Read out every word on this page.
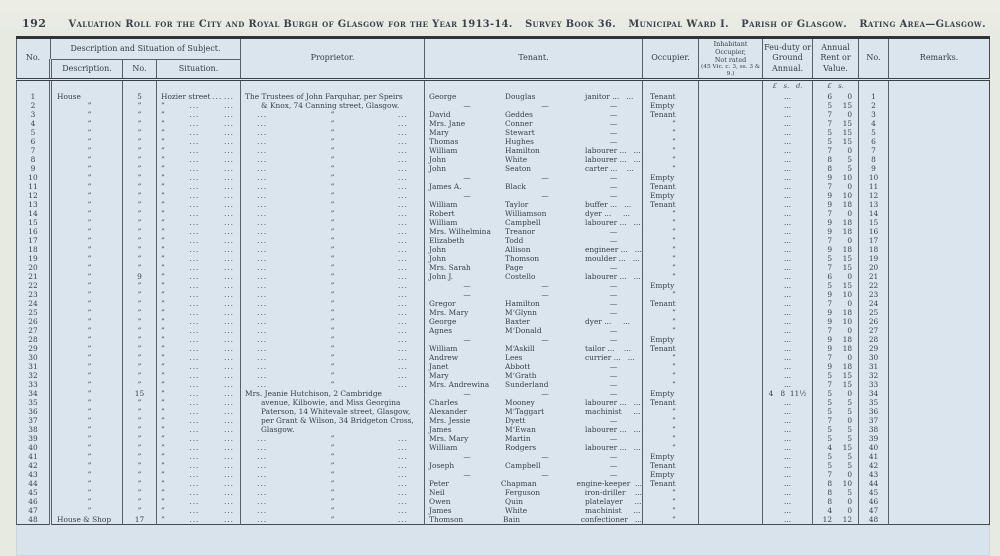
192 Valuation Roll for the City and Royal Burgh of Glasgow for the Year 1913-14. Survey Book 36. Municipal Ward I. Parish of Glasgow. Rating Area—Glasgow.
No.	Description and Situation of Subject.			Proprietor.	Tenant.	Occupier.	Inhabitant Occupier,
Not rated
(45 Vic. c. 3, ss. 3 & 9.)	Feu-duty or Ground Annual.	Annual Rent or Value.	No.	Remarks.
	Description.	No.	Situation.								
								£   s.   d.	£   s.		
1	House	5	Hozier street ... ...	The Trustees of John Farquhar, per Speirs	George Douglas janitor ...   ...	Tenant		...	6 0	1	
2	”	”	” ... ...	& Knox, 74 Canning street, Glasgow.	— — —	Empty		...	5 15	2	
3	”	”	” ... ...	... ” ...	David Geddes —	Tenant		...	7 0	3	
4	”	”	” ... ...	... ” ...	Mrs. Jane Conner —	”		...	7 15	4	
5	”	”	” ... ...	... ” ...	Mary Stewart —	”		...	5 15	5	
6	”	”	” ... ...	... ” ...	Thomas Hughes —	”		...	5 15	6	
7	”	”	” ... ...	... ” ...	William Hamilton labourer ...   ...	”		...	7 0	7	
8	”	”	” ... ...	... ” ...	John White labourer ...   ...	”		...	8 5	8	
9	”	”	” ... ...	... ” ...	John Seaton carter ...    ...	”		...	8 5	9	
10	”	”	” ... ...	... ” ...	— — —	Empty		...	9 10	10	
11	”	”	” ... ...	... ” ...	James A. Black —	Tenant		...	7 0	11	
12	”	”	” ... ...	... ” ...	— — —	Empty		...	9 10	12	
13	”	”	” ... ...	... ” ...	William Taylor buffer ...   ...	Tenant		...	9 18	13	
14	”	”	” ... ...	... ” ...	Robert Williamson dyer ...     ...	”		...	7 0	14	
15	”	”	” ... ...	... ” ...	William Campbell labourer ...   ...	”		...	9 18	15	
16	”	”	” ... ...	... ” ...	Mrs. Wilhelmina Treanor —	”		...	9 18	16	
17	”	”	” ... ...	... ” ...	Elizabeth Todd —	”		...	7 0	17	
18	”	”	” ... ...	... ” ...	John Allison engineer ...   ...	”		...	9 18	18	
19	”	”	” ... ...	... ” ...	John Thomson moulder ...   ...	”		...	5 15	19	
20	”	”	” ... ...	... ” ...	Mrs. Sarah Page —	”		...	7 15	20	
21	”	9	” ... ...	... ” ...	John J. Costello labourer ...   ...	”		...	6 0	21	
22	”	”	” ... ...	... ” ...	— — —	Empty		...	5 15	22	
23	”	”	” ... ...	... ” ...	— — —	”		...	9 10	23	
24	”	”	” ... ...	... ” ...	Gregor Hamilton —	Tenant		...	7 0	24	
25	”	”	” ... ...	... ” ...	Mrs. Mary M‘Glynn —	”		...	9 18	25	
26	”	”	” ... ...	... ” ...	George Baxter dyer ...     ...	”		...	9 10	26	
27	”	”	” ... ...	... ” ...	Agnes M‘Donald —	”		...	7 0	27	
28	”	”	” ... ...	... ” ...	— — —	Empty		...	9 18	28	
29	”	”	” ... ...	... ” ...	William M‘Askill tailor ...    ...	Tenant		...	9 18	29	
30	”	”	” ... ...	... ” ...	Andrew Lees currier ...   ...	”		...	7 0	30	
31	”	”	” ... ...	... ” ...	Janet Abbott —	”		...	9 18	31	
32	”	”	” ... ...	... ” ...	Mary M‘Grath —	”		...	5 15	32	
33	”	”	” ... ...	... ” ...	Mrs. Andrewina Sunderland —	”		...	7 15	33	
34	”	15	” ... ...	Mrs. Jeanie Hutchison, 2 Cambridge	— — —	Empty		4   8  11½	5 0	34	
35	”	”	” ... ...	avenue, Kilbowie, and Miss Georgina	Charles Mooney labourer ...   ...	Tenant		...	5 5	35	
36	”	”	” ... ...	Paterson, 14 Whitevale street, Glasgow,	Alexander M‘Taggart machinist     ...	”		...	5 5	36	
37	”	”	” ... ...	per Grant & Wilson, 34 Bridgeton Cross,	Mrs. Jessie Dyett —	”		...	7 0	37	
38	”	”	” ... ...	Glasgow.	James M‘Ewan labourer ...   ...	”		...	5 5	38	
39	”	”	” ... ...	... ” ...	Mrs. Mary Martin —	”		...	5 5	39	
40	”	”	” ... ...	... ” ...	William Rodgers labourer ...   ...	”		...	4 15	40	
41	”	”	” ... ...	... ” ...	— — —	Empty		...	5 5	41	
42	”	”	” ... ...	... ” ...	Joseph Campbell —	Tenant		...	5 5	42	
43	”	”	” ... ...	... ” ...	— — —	Empty		...	7 0	43	
44	”	”	” ... ...	... ” ...	Peter Chapman engine-keeper  ...	Tenant		...	8 10	44	
45	”	”	” ... ...	... ” ...	Neil Ferguson iron-driller    ...	”		...	8 5	45	
46	”	”	” ... ...	... ” ...	Owen Quin platelayer     ...	”		...	8 0	46	
47	”	”	” ... ...	... ” ...	James White machinist     ...	”		...	4 0	47	
48	House & Shop	17	” ... ...	... ” ...	Thomson Bain confectioner   ...	”		...	12 12	48	
